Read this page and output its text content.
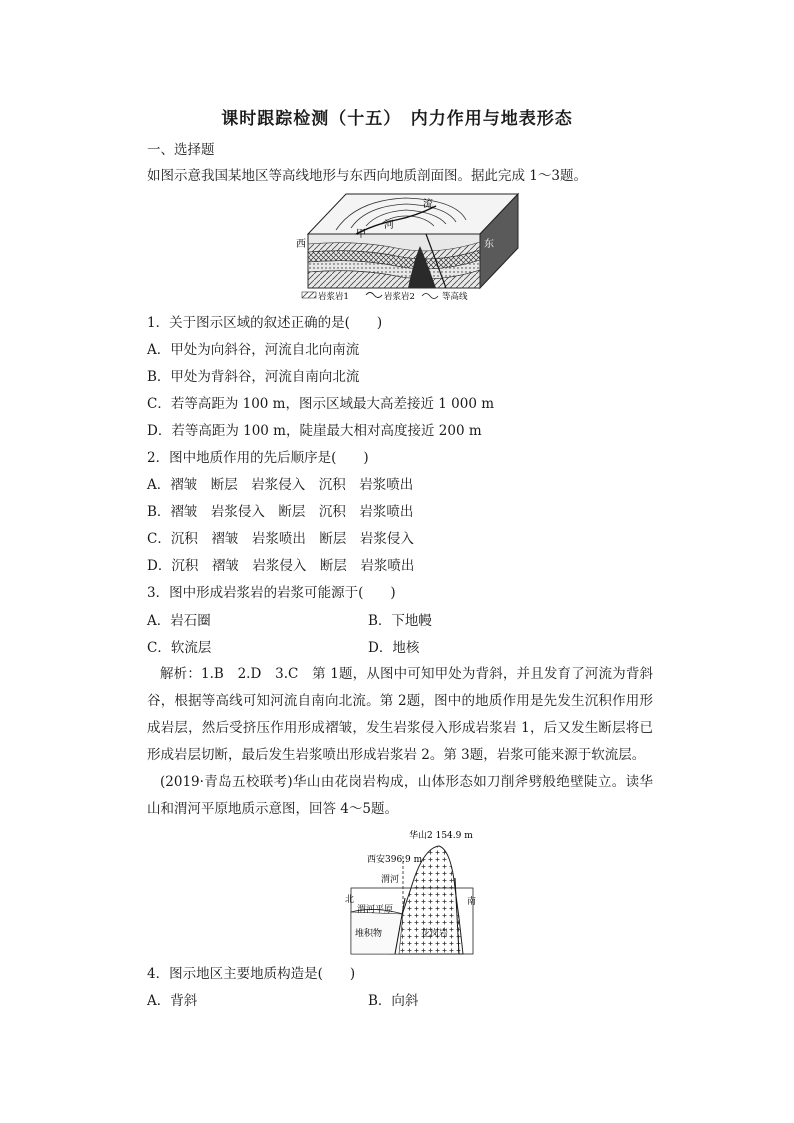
课时跟踪检测（十五）　内力作用与地表形态
一、选择题
如图示意我国某地区等高线地形与东西向地质剖面图。据此完成 1～3题。
流
河
甲
西	东
岩浆岩1	岩浆岩2	等高线
1．关于图示区域的叙述正确的是(　　)
A．甲处为向斜谷，河流自北向南流
B．甲处为背斜谷，河流自南向北流
C．若等高距为 100 m，图示区域最大高差接近 1 000 m
D．若等高距为 100 m，陡崖最大相对高度接近 200 m
2．图中地质作用的先后顺序是(　　)
A．褶皱　断层　岩浆侵入　沉积　岩浆喷出
B．褶皱　岩浆侵入　断层　沉积　岩浆喷出
C．沉积　褶皱　岩浆喷出　断层　岩浆侵入
D．沉积　褶皱　岩浆侵入　断层　岩浆喷出
3．图中形成岩浆岩的岩浆可能源于(　　)
A．岩石圈	B．下地幔
C．软流层	D．地核
解析：1.B　2.D　3.C　第 1题，从图中可知甲处为背斜，并且发育了河流为背斜谷，根据等高线可知河流自南向北流。第 2题，图中的地质作用是先发生沉积作用形成岩层，然后受挤压作用形成褶皱，发生岩浆侵入形成岩浆岩 1，后又发生断层将已形成岩层切断，最后发生岩浆喷出形成岩浆岩 2。第 3题，岩浆可能来源于软流层。
(2019·青岛五校联考)华山由花岗岩构成，山体形态如刀削斧劈般绝壁陡立。读华山和渭河平原地质示意图，回答 4～5题。
华山2 154.9 m
西安396.9 m
渭河
北	南
渭河平原
堆积物	花岗岩
4．图示地区主要地质构造是(　　)
A．背斜	B．向斜
